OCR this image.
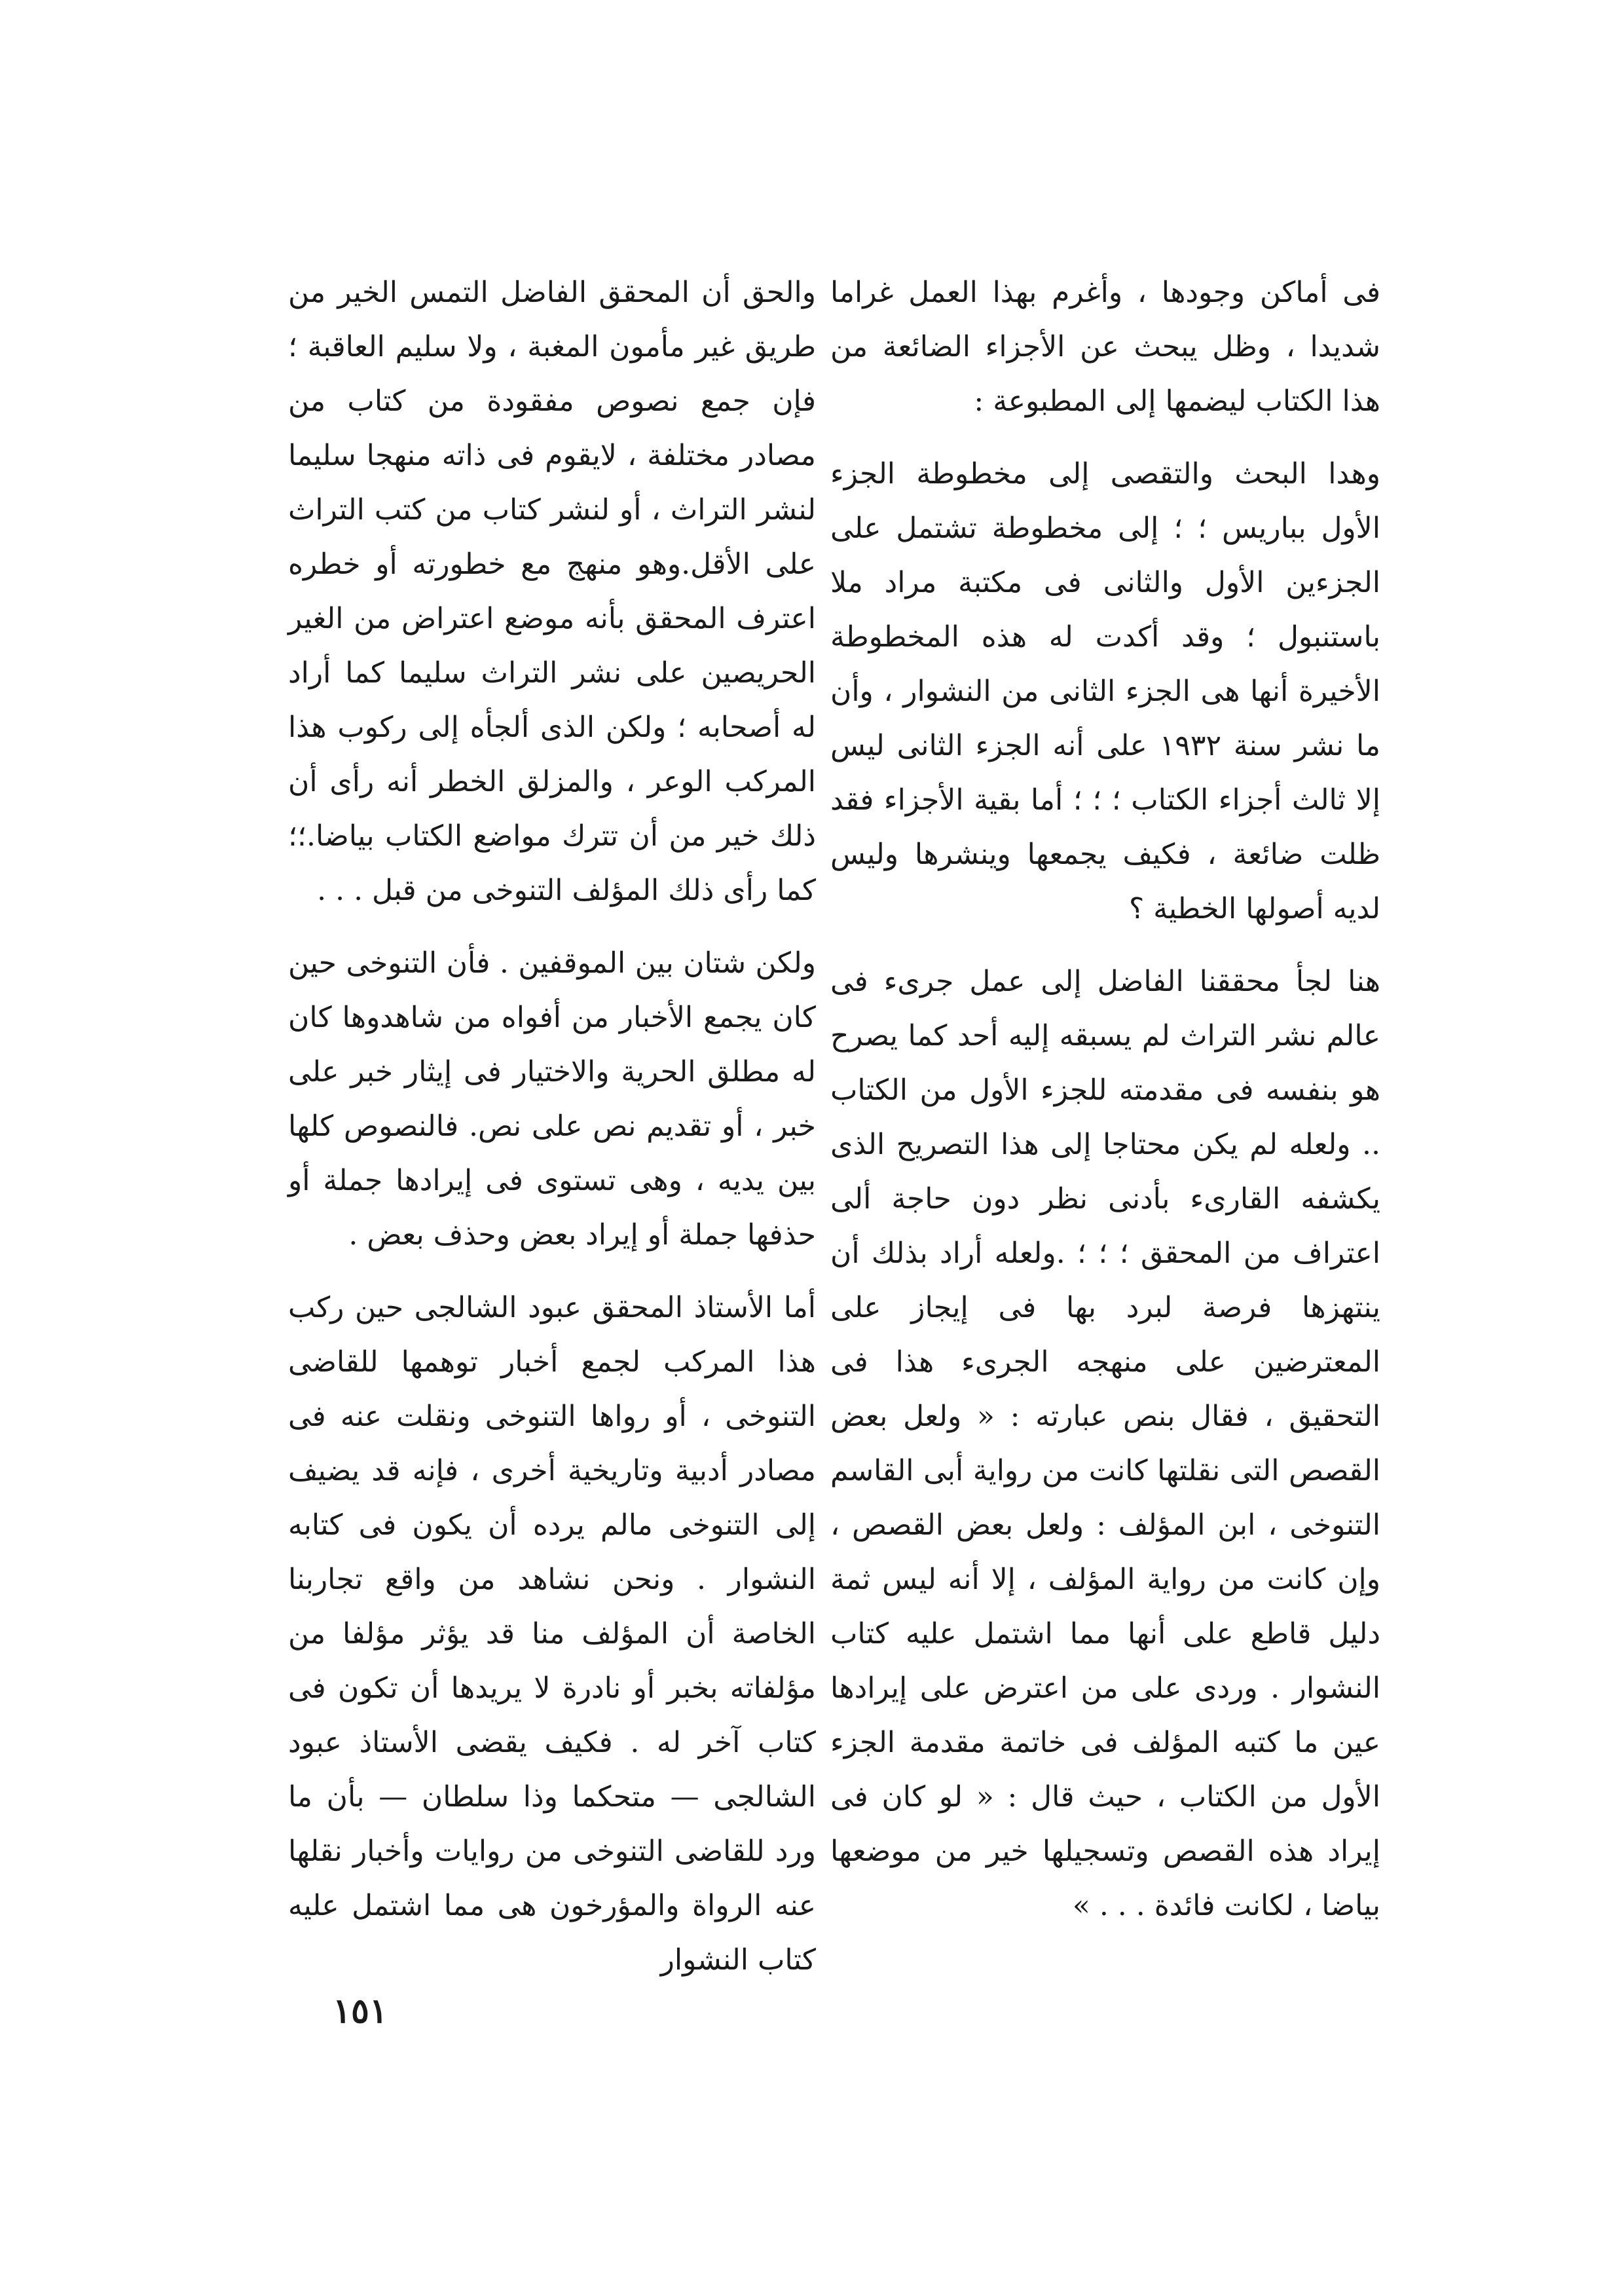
فى أماكن وجودها ، وأغرم بهذا العمل غراما شديدا ، وظل يبحث عن الأجزاء الضائعة من هذا الكتاب ليضمها إلى المطبوعة :

وهدا البحث والتقصى إلى مخطوطة الجزء الأول بباريس ؛ ؛ إلى مخطوطة تشتمل على الجزءين الأول والثانى فى مكتبة مراد ملا باستنبول ؛ وقد أكدت له هذه المخطوطة الأخيرة أنها هى الجزء الثانى من النشوار ، وأن ما نشر سنة ١٩٣٢ على أنه الجزء الثانى ليس إلا ثالث أجزاء الكتاب ؛ ؛ ؛ أما بقية الأجزاء فقد ظلت ضائعة ، فكيف يجمعها وينشرها وليس لديه أصولها الخطية ؟

هنا لجأ محققنا الفاضل إلى عمل جرىء فى عالم نشر التراث لم يسبقه إليه أحد كما يصرح هو بنفسه فى مقدمته للجزء الأول من الكتاب .. ولعله لم يكن محتاجا إلى هذا التصريح الذى يكشفه القارىء بأدنى نظر دون حاجة ألى اعتراف من المحقق ؛ ؛ ؛ .ولعله أراد بذلك أن ينتهزها فرصة لبرد بها فى إيجاز على المعترضين على منهجه الجرىء هذا فى التحقيق ، فقال بنص عبارته : « ولعل بعض القصص التى نقلتها كانت من رواية أبى القاسم التنوخى ، ابن المؤلف : ولعل بعض القصص ، وإن كانت من رواية المؤلف ، إلا أنه ليس ثمة دليل قاطع على أنها مما اشتمل عليه كتاب النشوار . وردى على من اعترض على إيرادها عين ما كتبه المؤلف فى خاتمة مقدمة الجزء الأول من الكتاب ، حيث قال : « لو كان فى إيراد هذه القصص وتسجيلها خير من موضعها بياضا ، لكانت فائدة . . . »

والحق أن المحقق الفاضل التمس الخير من طريق غير مأمون المغبة ، ولا سليم العاقبة ؛ فإن جمع نصوص مفقودة من كتاب من مصادر مختلفة ، لايقوم فى ذاته منهجا سليما لنشر التراث ، أو لنشر كتاب من كتب التراث على الأقل.وهو منهج مع خطورته أو خطره اعترف المحقق بأنه موضع اعتراض من الغير الحريصين على نشر التراث سليما كما أراد له أصحابه ؛ ولكن الذى ألجأه إلى ركوب هذا المركب الوعر ، والمزلق الخطر أنه رأى أن ذلك خير من أن تترك مواضع الكتاب بياضا.؛؛ كما رأى ذلك المؤلف التنوخى من قبل . . .

ولكن شتان بين الموقفين . فأن التنوخى حين كان يجمع الأخبار من أفواه من شاهدوها كان له مطلق الحرية والاختيار فى إيثار خبر على خبر ، أو تقديم نص على نص. فالنصوص كلها بين يديه ، وهى تستوى فى إيرادها جملة أو حذفها جملة أو إيراد بعض وحذف بعض .

أما الأستاذ المحقق عبود الشالجى حين ركب هذا المركب لجمع أخبار توهمها للقاضى التنوخى ، أو رواها التنوخى ونقلت عنه فى مصادر أدبية وتاريخية أخرى ، فإنه قد يضيف إلى التنوخى مالم يرده أن يكون فى كتابه النشوار . ونحن نشاهد من واقع تجاربنا الخاصة أن المؤلف منا قد يؤثر مؤلفا من مؤلفاته بخبر أو نادرة لا يريدها أن تكون فى كتاب آخر له . فكيف يقضى الأستاذ عبود الشالجى — متحكما وذا سلطان — بأن ما ورد للقاضى التنوخى من روايات وأخبار نقلها عنه الرواة والمؤرخون هى مما اشتمل عليه كتاب النشوار

١٥١
